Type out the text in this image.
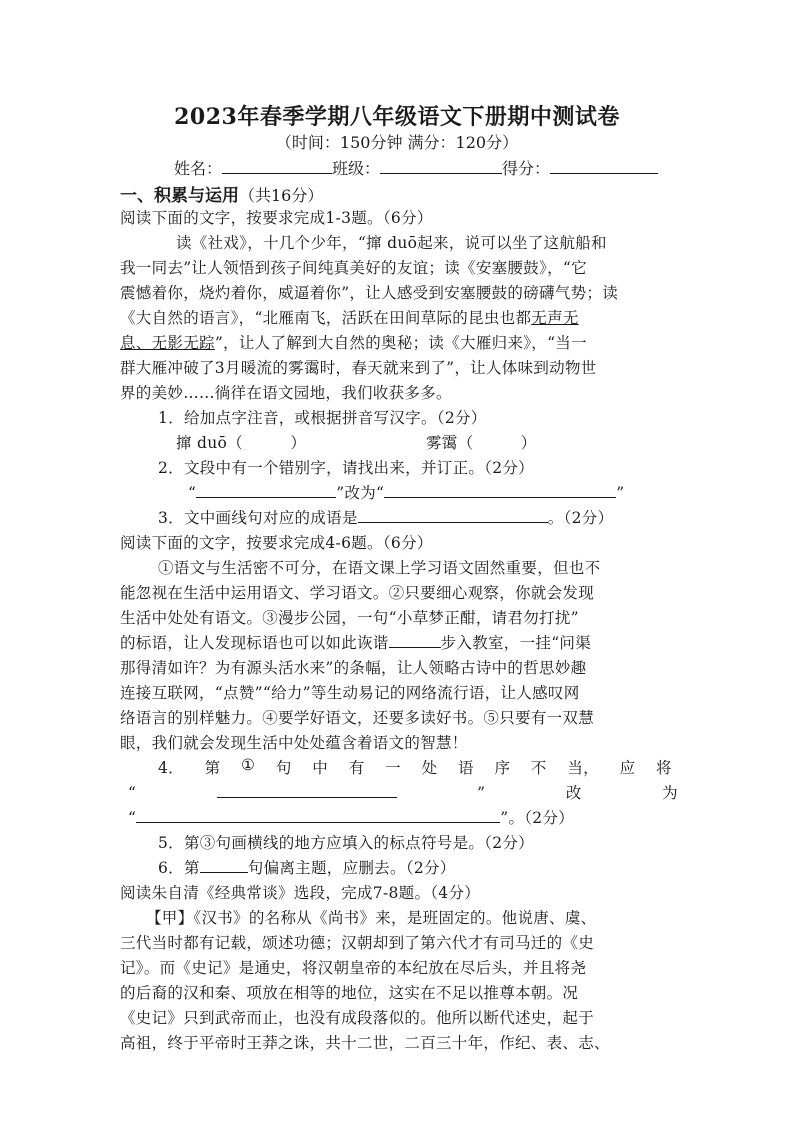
2023年春季学期八年级语文下册期中测试卷
（时间：150分钟 满分：120分）
姓名：	班级：	得分：
一、积累与运用（共16分）
阅读下面的文字，按要求完成1-3题。（6分）
读《社戏》，十几个少年，“撺 duō起来，说可以坐了这航船和
我一同去”让人领悟到孩子间纯真美好的友谊；读《安塞腰鼓》，“它
震憾着你，烧灼着你，威逼着你”，让人感受到安塞腰鼓的磅礴气势；读
《大自然的语言》，“北雁南飞，活跃在田间草际的昆虫也都无声无
息、无影无踪”，让人了解到大自然的奥秘；读《大雁归来》，“当一
群大雁冲破了3月暖流的雾霭时，春天就来到了”，让人体味到动物世
界的美妙……徜徉在语文园地，我们收获多多。
1．给加点字注音，或根据拼音写汉字。（2分）
撺 duō（　　　）	雾霭（　　　）
2．文段中有一个错别字，请找出来，并订正。（2分）
“	”改为“	”
3．文中画线句对应的成语是	。（2分）
阅读下面的文字，按要求完成4-6题。（6分）
①语文与生活密不可分，在语文课上学习语文固然重要，但也不
能忽视在生活中运用语文、学习语文。②只要细心观察，你就会发现
生活中处处有语文。③漫步公园，一句“小草梦正酣，请君勿打扰”
的标语，让人发现标语也可以如此诙谐	步入教室，一挂“问渠
那得清如许？为有源头活水来”的条幅，让人领略古诗中的哲思妙趣
连接互联网，“点赞”“给力”等生动易记的网络流行语，让人感叹网
络语言的别样魅力。④要学好语文，还要多读好书。⑤只要有一双慧
眼，我们就会发现生活中处处蕴含着语文的智慧！
4． 第 ① 句 中 有 一 处 语 序 不 当， 应 将
“	”	改	为
“	”。（2分）
5．第③句画横线的地方应填入的标点符号是。（2分）
6．第	句偏离主题，应删去。（2分）
阅读朱自清《经典常谈》选段，完成7-8题。（4分）
【甲】《汉书》的名称从《尚书》来，是班固定的。他说唐、虞、
三代当时都有记载，颂述功德；汉朝却到了第六代才有司马迁的《史
记》。而《史记》是通史，将汉朝皇帝的本纪放在尽后头，并且将尧
的后裔的汉和秦、项放在相等的地位，这实在不足以推尊本朝。况
《史记》只到武帝而止，也没有成段落似的。他所以断代述史，起于
高祖，终于平帝时王莽之诛，共十二世，二百三十年，作纪、表、志、
